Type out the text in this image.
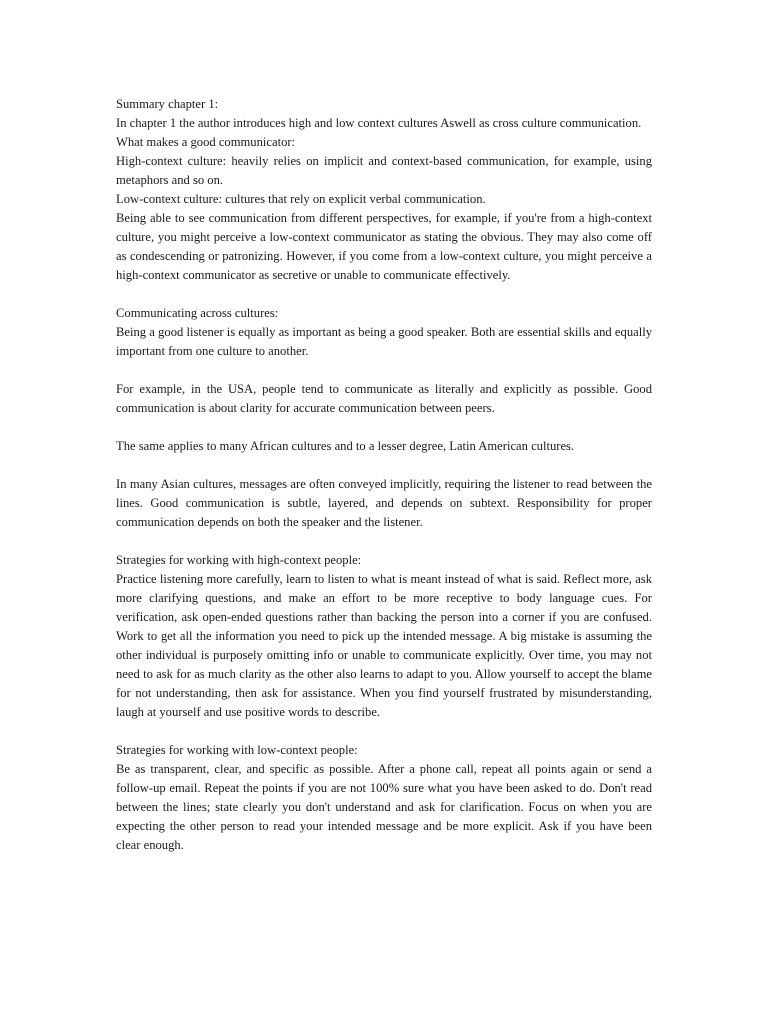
Summary chapter 1:

In chapter 1 the author introduces high and low context cultures Aswell as cross culture communication.

What makes a good communicator:

High-context culture: heavily relies on implicit and context-based communication, for example, using metaphors and so on.

Low-context culture: cultures that rely on explicit verbal communication.

Being able to see communication from different perspectives, for example, if you're from a high-context culture, you might perceive a low-context communicator as stating the obvious. They may also come off as condescending or patronizing. However, if you come from a low-context culture, you might perceive a high-context communicator as secretive or unable to communicate effectively.

Communicating across cultures:

Being a good listener is equally as important as being a good speaker. Both are essential skills and equally important from one culture to another.

For example, in the USA, people tend to communicate as literally and explicitly as possible. Good communication is about clarity for accurate communication between peers.

The same applies to many African cultures and to a lesser degree, Latin American cultures.

In many Asian cultures, messages are often conveyed implicitly, requiring the listener to read between the lines. Good communication is subtle, layered, and depends on subtext. Responsibility for proper communication depends on both the speaker and the listener.

Strategies for working with high-context people:

Practice listening more carefully, learn to listen to what is meant instead of what is said. Reflect more, ask more clarifying questions, and make an effort to be more receptive to body language cues. For verification, ask open-ended questions rather than backing the person into a corner if you are confused. Work to get all the information you need to pick up the intended message. A big mistake is assuming the other individual is purposely omitting info or unable to communicate explicitly. Over time, you may not need to ask for as much clarity as the other also learns to adapt to you. Allow yourself to accept the blame for not understanding, then ask for assistance. When you find yourself frustrated by misunderstanding, laugh at yourself and use positive words to describe.

Strategies for working with low-context people:

Be as transparent, clear, and specific as possible. After a phone call, repeat all points again or send a follow-up email. Repeat the points if you are not 100% sure what you have been asked to do. Don't read between the lines; state clearly you don't understand and ask for clarification. Focus on when you are expecting the other person to read your intended message and be more explicit. Ask if you have been clear enough.
